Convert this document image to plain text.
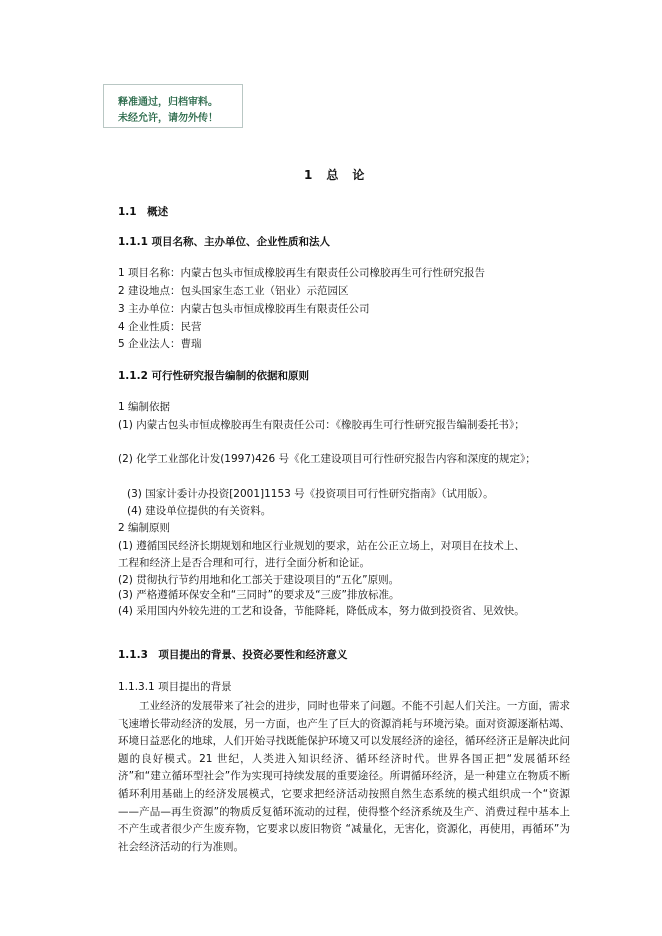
释准通过，归档审料。
未经允许，请勿外传！
1　总　论
1.1　概述
1.1.1 项目名称、主办单位、企业性质和法人
1 项目名称：内蒙古包头市恒成橡胶再生有限责任公司橡胶再生可行性研究报告
2 建设地点：包头国家生态工业（铝业）示范园区
3 主办单位：内蒙古包头市恒成橡胶再生有限责任公司
4 企业性质：民营
5 企业法人：曹瑞
1.1.2 可行性研究报告编制的依据和原则
1 编制依据
(1) 内蒙古包头市恒成橡胶再生有限责任公司：《橡胶再生可行性研究报告编制委托书》；
(2) 化学工业部化计发(1997)426 号《化工建设项目可行性研究报告内容和深度的规定》；
(3) 国家计委计办投资[2001]1153 号《投资项目可行性研究指南》（试用版）。
(4) 建设单位提供的有关资料。
2 编制原则
(1) 遵循国民经济长期规划和地区行业规划的要求，站在公正立场上，对项目在技术上、
工程和经济上是否合理和可行，进行全面分析和论证。
(2) 贯彻执行节约用地和化工部关于建设项目的“五化”原则。
(3) 严格遵循环保安全和“三同时”的要求及“三废”排放标准。
(4) 采用国内外较先进的工艺和设备，节能降耗，降低成本，努力做到投资省、见效快。
1.1.3　项目提出的背景、投资必要性和经济意义
1.1.3.1 项目提出的背景
工业经济的发展带来了社会的进步，同时也带来了问题。不能不引起人们关注。一方面，需求飞速增长带动经济的发展，另一方面，也产生了巨大的资源消耗与环境污染。面对资源逐渐枯竭、环境日益恶化的地球，人们开始寻找既能保护环境又可以发展经济的途径，循环经济正是解决此问题的良好模式。21 世纪，人类进入知识经济、循环经济时代。世界各国正把“发展循环经济”和“建立循环型社会”作为实现可持续发展的重要途径。所谓循环经济，是一种建立在物质不断循环利用基础上的经济发展模式，它要求把经济活动按照自然生态系统的模式组织成一个“资源——产品—再生资源”的物质反复循环流动的过程，使得整个经济系统及生产、消费过程中基本上不产生或者很少产生废弃物，它要求以废旧物资 “减量化，无害化，资源化，再使用，再循环”为社会经济活动的行为准则。
